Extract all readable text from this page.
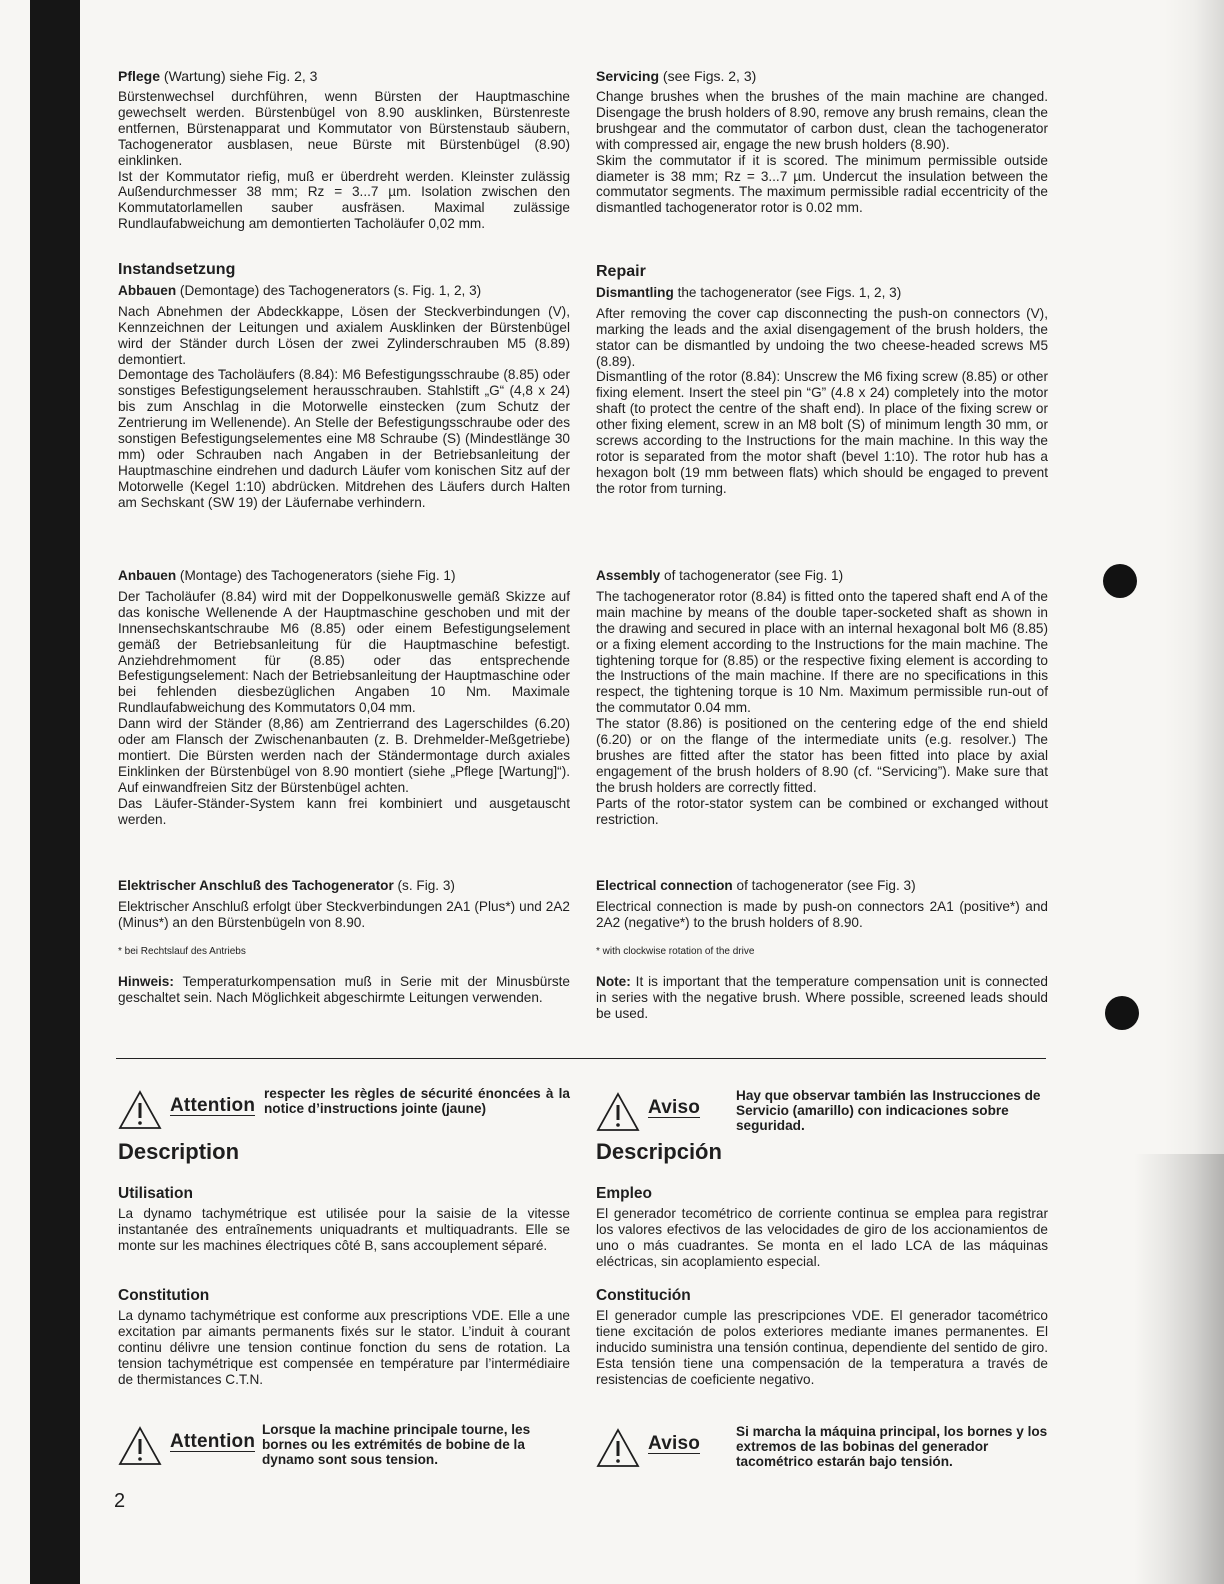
Pflege (Wartung) siehe Fig. 2, 3

Bürstenwechsel durchführen, wenn Bürsten der Hauptmaschine gewechselt werden. Bürstenbügel von 8.90 ausklinken, Bürstenreste entfernen, Bürstenapparat und Kommutator von Bürstenstaub säubern, Tachogenerator ausblasen, neue Bürste mit Bürstenbügel (8.90) einklinken.

Ist der Kommutator riefig, muß er überdreht werden. Kleinster zulässig Außendurchmesser 38 mm; Rz = 3...7 µm. Isolation zwischen den Kommutatorlamellen sauber ausfräsen. Maximal zulässige Rundlaufabweichung am demontierten Tacholäufer 0,02 mm.

Instandsetzung

Abbauen (Demontage) des Tachogenerators (s. Fig. 1, 2, 3)

Nach Abnehmen der Abdeckkappe, Lösen der Steckverbindungen (V), Kennzeichnen der Leitungen und axialem Ausklinken der Bürstenbügel wird der Ständer durch Lösen der zwei Zylinderschrauben M5 (8.89) demontiert.

Demontage des Tacholäufers (8.84): M6 Befestigungsschraube (8.85) oder sonstiges Befestigungselement herausschrauben. Stahlstift „G“ (4,8 x 24) bis zum Anschlag in die Motorwelle einstecken (zum Schutz der Zentrierung im Wellenende). An Stelle der Befestigungsschraube oder des sonstigen Befestigungselementes eine M8 Schraube (S) (Mindestlänge 30 mm) oder Schrauben nach Angaben in der Betriebsanleitung der Hauptmaschine eindrehen und dadurch Läufer vom konischen Sitz auf der Motorwelle (Kegel 1:10) abdrücken. Mitdrehen des Läufers durch Halten am Sechskant (SW 19) der Läufernabe verhindern.

Anbauen (Montage) des Tachogenerators (siehe Fig. 1)

Der Tacholäufer (8.84) wird mit der Doppelkonuswelle gemäß Skizze auf das konische Wellenende A der Hauptmaschine geschoben und mit der Innensechskantschraube M6 (8.85) oder einem Befestigungselement gemäß der Betriebsanleitung für die Hauptmaschine befestigt. Anziehdrehmoment für (8.85) oder das entsprechende Befestigungselement: Nach der Betriebsanleitung der Hauptmaschine oder bei fehlenden diesbezüglichen Angaben 10 Nm. Maximale Rundlaufabweichung des Kommutators 0,04 mm.

Dann wird der Ständer (8,86) am Zentrierrand des Lagerschildes (6.20) oder am Flansch der Zwischenanbauten (z. B. Drehmelder-Meßgetriebe) montiert. Die Bürsten werden nach der Ständermontage durch axiales Einklinken der Bürstenbügel von 8.90 montiert (siehe „Pflege [Wartung]“). Auf einwandfreien Sitz der Bürstenbügel achten.

Das Läufer-Ständer-System kann frei kombiniert und ausgetauscht werden.

Elektrischer Anschluß des Tachogenerator (s. Fig. 3)

Elektrischer Anschluß erfolgt über Steckverbindungen 2A1 (Plus*) und 2A2 (Minus*) an den Bürstenbügeln von 8.90.

* bei Rechtslauf des Antriebs

Hinweis: Temperaturkompensation muß in Serie mit der Minusbürste geschaltet sein. Nach Möglichkeit abgeschirmte Leitungen verwenden.

Servicing (see Figs. 2, 3)

Change brushes when the brushes of the main machine are changed. Disengage the brush holders of 8.90, remove any brush remains, clean the brushgear and the commutator of carbon dust, clean the tachogenerator with compressed air, engage the new brush holders (8.90).

Skim the commutator if it is scored. The minimum permissible outside diameter is 38 mm; Rz = 3...7 µm. Undercut the insulation between the commutator segments. The maximum permissible radial eccentricity of the dismantled tachogenerator rotor is 0.02 mm.

Repair

Dismantling the tachogenerator (see Figs. 1, 2, 3)

After removing the cover cap disconnecting the push-on connectors (V), marking the leads and the axial disengagement of the brush holders, the stator can be dismantled by undoing the two cheese-headed screws M5 (8.89).

Dismantling of the rotor (8.84): Unscrew the M6 fixing screw (8.85) or other fixing element. Insert the steel pin “G” (4.8 x 24) completely into the motor shaft (to protect the centre of the shaft end). In place of the fixing screw or other fixing element, screw in an M8 bolt (S) of minimum length 30 mm, or screws according to the Instructions for the main machine. In this way the rotor is separated from the motor shaft (bevel 1:10). The rotor hub has a hexagon bolt (19 mm between flats) which should be engaged to prevent the rotor from turning.

Assembly of tachogenerator (see Fig. 1)

The tachogenerator rotor (8.84) is fitted onto the tapered shaft end A of the main machine by means of the double taper-socketed shaft as shown in the drawing and secured in place with an internal hexagonal bolt M6 (8.85) or a fixing element according to the Instructions for the main machine. The tightening torque for (8.85) or the respective fixing element is according to the Instructions of the main machine. If there are no specifications in this respect, the tightening torque is 10 Nm. Maximum permissible run-out of the commutator 0.04 mm.

The stator (8.86) is positioned on the centering edge of the end shield (6.20) or on the flange of the intermediate units (e.g. resolver.) The brushes are fitted after the stator has been fitted into place by axial engagement of the brush holders of 8.90 (cf. “Servicing”). Make sure that the brush holders are correctly fitted.

Parts of the rotor-stator system can be combined or exchanged without restriction.

Electrical connection of tachogenerator (see Fig. 3)

Electrical connection is made by push-on connectors 2A1 (positive*) and 2A2 (negative*) to the brush holders of 8.90.

* with clockwise rotation of the drive

Note: It is important that the temperature compensation unit is connected in series with the negative brush. Where possible, screened leads should be used.

Attention
respecter les règles de sécurité énoncées à la notice d’instructions jointe (jaune)

Description

Utilisation

La dynamo tachymétrique est utilisée pour la saisie de la vitesse instantanée des entraînements uniquadrants et multiquadrants. Elle se monte sur les machines électriques côté B, sans accouplement séparé.

Constitution

La dynamo tachymétrique est conforme aux prescriptions VDE. Elle a une excitation par aimants permanents fixés sur le stator. L’induit à courant continu délivre une tension continue fonction du sens de rotation. La tension tachymétrique est compensée en température par l’intermédiaire de thermistances C.T.N.

Attention
Lorsque la machine principale tourne, les bornes ou les extrémités de bobine de la dynamo sont sous tension.
Aviso
Hay que observar también las Instrucciones de Servicio (amarillo) con indicaciones sobre seguridad.

Descripción

Empleo

El generador tecométrico de corriente continua se emplea para registrar los valores efectivos de las velocidades de giro de los accionamientos de uno o más cuadrantes. Se monta en el lado LCA de las máquinas eléctricas, sin acoplamiento especial.

Constitución

El generador cumple las prescripciones VDE. El generador tacométrico tiene excitación de polos exteriores mediante imanes permanentes. El inducido suministra una tensión continua, dependiente del sentido de giro. Esta tensión tiene una compensación de la temperatura a través de resistencias de coeficiente negativo.

Aviso
Si marcha la máquina principal, los bornes y los extremos de las bobinas del generador tacométrico estarán bajo tensión.
2
